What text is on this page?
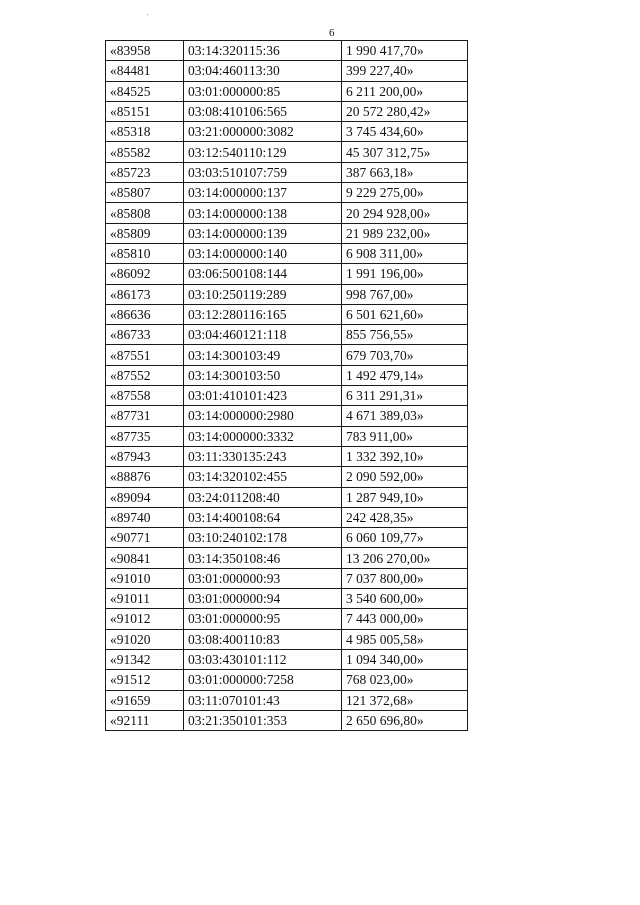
6
«83958	03:14:320115:36	1 990 417,70»
«84481	03:04:460113:30	399 227,40»
«84525	03:01:000000:85	6 211 200,00»
«85151	03:08:410106:565	20 572 280,42»
«85318	03:21:000000:3082	3 745 434,60»
«85582	03:12:540110:129	45 307 312,75»
«85723	03:03:510107:759	387 663,18»
«85807	03:14:000000:137	9 229 275,00»
«85808	03:14:000000:138	20 294 928,00»
«85809	03:14:000000:139	21 989 232,00»
«85810	03:14:000000:140	6 908 311,00»
«86092	03:06:500108:144	1 991 196,00»
«86173	03:10:250119:289	998 767,00»
«86636	03:12:280116:165	6 501 621,60»
«86733	03:04:460121:118	855 756,55»
«87551	03:14:300103:49	679 703,70»
«87552	03:14:300103:50	1 492 479,14»
«87558	03:01:410101:423	6 311 291,31»
«87731	03:14:000000:2980	4 671 389,03»
«87735	03:14:000000:3332	783 911,00»
«87943	03:11:330135:243	1 332 392,10»
«88876	03:14:320102:455	2 090 592,00»
«89094	03:24:011208:40	1 287 949,10»
«89740	03:14:400108:64	242 428,35»
«90771	03:10:240102:178	6 060 109,77»
«90841	03:14:350108:46	13 206 270,00»
«91010	03:01:000000:93	7 037 800,00»
«91011	03:01:000000:94	3 540 600,00»
«91012	03:01:000000:95	7 443 000,00»
«91020	03:08:400110:83	4 985 005,58»
«91342	03:03:430101:112	1 094 340,00»
«91512	03:01:000000:7258	768 023,00»
«91659	03:11:070101:43	121 372,68»
«92111	03:21:350101:353	2 650 696,80»
